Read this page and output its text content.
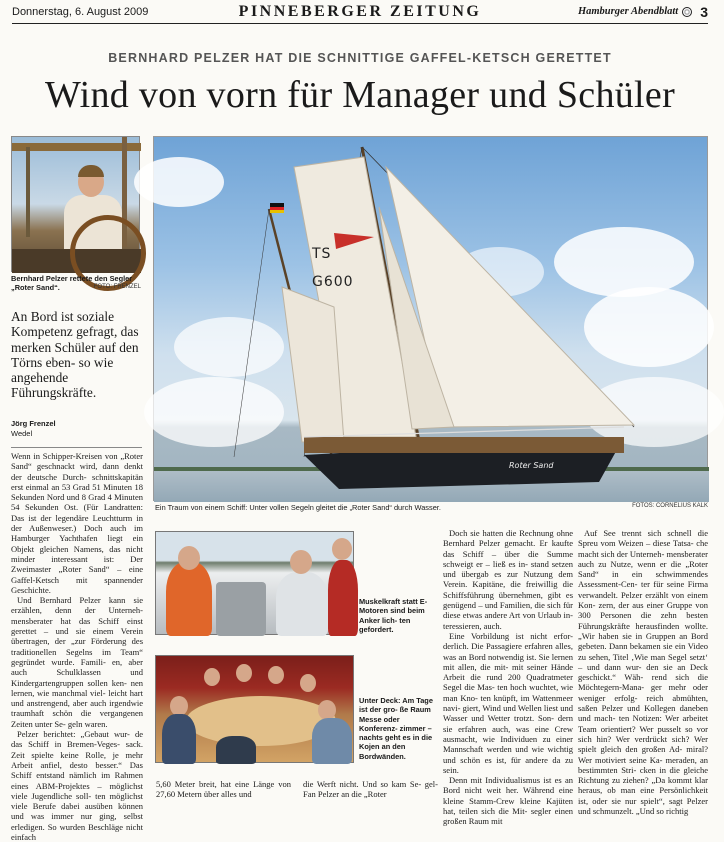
Donnerstag, 6. August 2009	PINNEBERGER ZEITUNG	Hamburger Abendblatt 3
BERNHARD PELZER HAT DIE SCHNITTIGE GAFFEL-KETSCH GERETTET
Wind von vorn für Manager und Schüler
Bernhard Pelzer rettete den Segler „Roter Sand“.	FOTO: FRENZEL
An Bord ist soziale Kompetenz gefragt, das merken Schüler auf den Törns eben- so wie angehende Führungskräfte.
Jörg Frenzel
Wedel

Wenn in Schipper-Kreisen von „Roter Sand“ geschnackt wird, dann denkt der deutsche Durch- schnittskapitän erst einmal an 53 Grad 51 Minuten 18 Sekunden Nord und 8 Grad 4 Minuten 54 Sekunden Ost. (Für Landratten: Das ist der legendäre Leuchtturm in der Außenweser.) Doch auch im Hamburger Yachthafen liegt ein Objekt gleichen Namens, das nicht minder interessant ist: Der Zweimaster „Roter Sand“ – eine Gaffel-Ketsch mit spannender Geschichte.

Und Bernhard Pelzer kann sie erzählen, denn der Unterneh- mensberater hat das Schiff einst gerettet – und sie einem Verein übertragen, der „zur Förderung des traditionellen Segelns im Team“ gegründet wurde. Famili- en, aber auch Schulklassen und Kindergartengruppen sollen ken- nen lernen, wie manchmal viel- leicht hart und anstrengend, aber auch irgendwie traumhaft schön die vergangenen Zeiten unter Se- geln waren.

Pelzer berichtet: „Gebaut wur- de das Schiff in Bremen-Veges- sack. Zeit spielte keine Rolle, je mehr Arbeit anfiel, desto besser.“ Das Schiff entstand nämlich im Rahmen eines ABM-Projektes – möglichst viele Jugendliche soll- ten möglichst viele Berufe dabei ausüben können und was immer nur ging, selbst erledigen. So wurden Beschläge nicht einfach

TS
G600
Roter Sand
Ein Traum von einem Schiff: Unter vollen Segeln gleitet die „Roter Sand“ durch Wasser.	FOTOS: CORNELIUS KALK
Muskelkraft statt E-Motoren sind beim Anker lich- ten gefordert.
Unter Deck: Am Tage ist der gro- ße Raum Messe oder Konferenz- zimmer – nachts geht es in die Kojen an den Bordwänden.
5,60 Meter breit, hat eine Länge von 27,60 Metern über alles und
die Werft nicht. Und so kam Se- gel-Fan Pelzer an die „Roter

Doch sie hatten die Rechnung ohne Bernhard Pelzer gemacht. Er kaufte das Schiff – über die Summe schweigt er – ließ es in- stand setzen und übergab es zur Nutzung dem Verein. Kapitäne, die freiwillig die Schiffsführung übernehmen, gibt es genügend – und Familien, die sich für diese etwas andere Art von Urlaub in- teressieren, auch.

Eine Vorbildung ist nicht erfor- derlich. Die Passagiere erfahren alles, was an Bord notwendig ist. Sie lernen mit allen, die mit- mit seiner Hände Arbeit die rund 200 Quadratmeter Segel die Mas- ten hoch wuchtet, wie man Kno- ten knüpft, im Wattenmeer navi- giert, Wind und Wellen liest und Wasser und Wetter trotzt. Son- dern sie erfahren auch, was eine Crew ausmacht, wie Individuen zu einer Mannschaft werden und wie wichtig und schön es ist, für andere da zu sein.

Denn mit Individualismus ist es an Bord nicht weit her. Während eine kleine Stamm-Crew kleine Kajüten hat, teilen sich die Mit- segler einen großen Raum mit

Auf See trennt sich schnell die Spreu vom Weizen – diese Tatsa- che macht sich der Unterneh- mensberater auch zu Nutze, wenn er die „Roter Sand“ in ein schwimmendes Assessment-Cen- ter für seine Firma verwandelt. Pelzer erzählt von einem Kon- zern, der aus einer Gruppe von 300 Personen die zehn besten Führungskräfte herausfinden wollte. „Wir haben sie in Gruppen an Bord gebeten. Dann bekamen sie ein Video zu sehen, Titel ‚Wie man Segel setzt‘ – und dann wur- den sie an Deck geschickt.“ Wäh- rend sich die Möchtegern-Mana- ger mehr oder weniger erfolg- reich abmühten, saßen Pelzer und Kollegen daneben und mach- ten Notizen: Wer arbeitet Team orientiert? Wer pusselt so vor sich hin? Wer verdrückt sich? Wer spielt gleich den großen Ad- miral? Wer motiviert seine Ka- meraden, an bestimmten Stri- cken in die gleiche Richtung zu ziehen? „Da kommt klar heraus, ob man eine Persönlichkeit ist, oder sie nur spielt“, sagt Pelzer und schmunzelt. „Und so richtig
